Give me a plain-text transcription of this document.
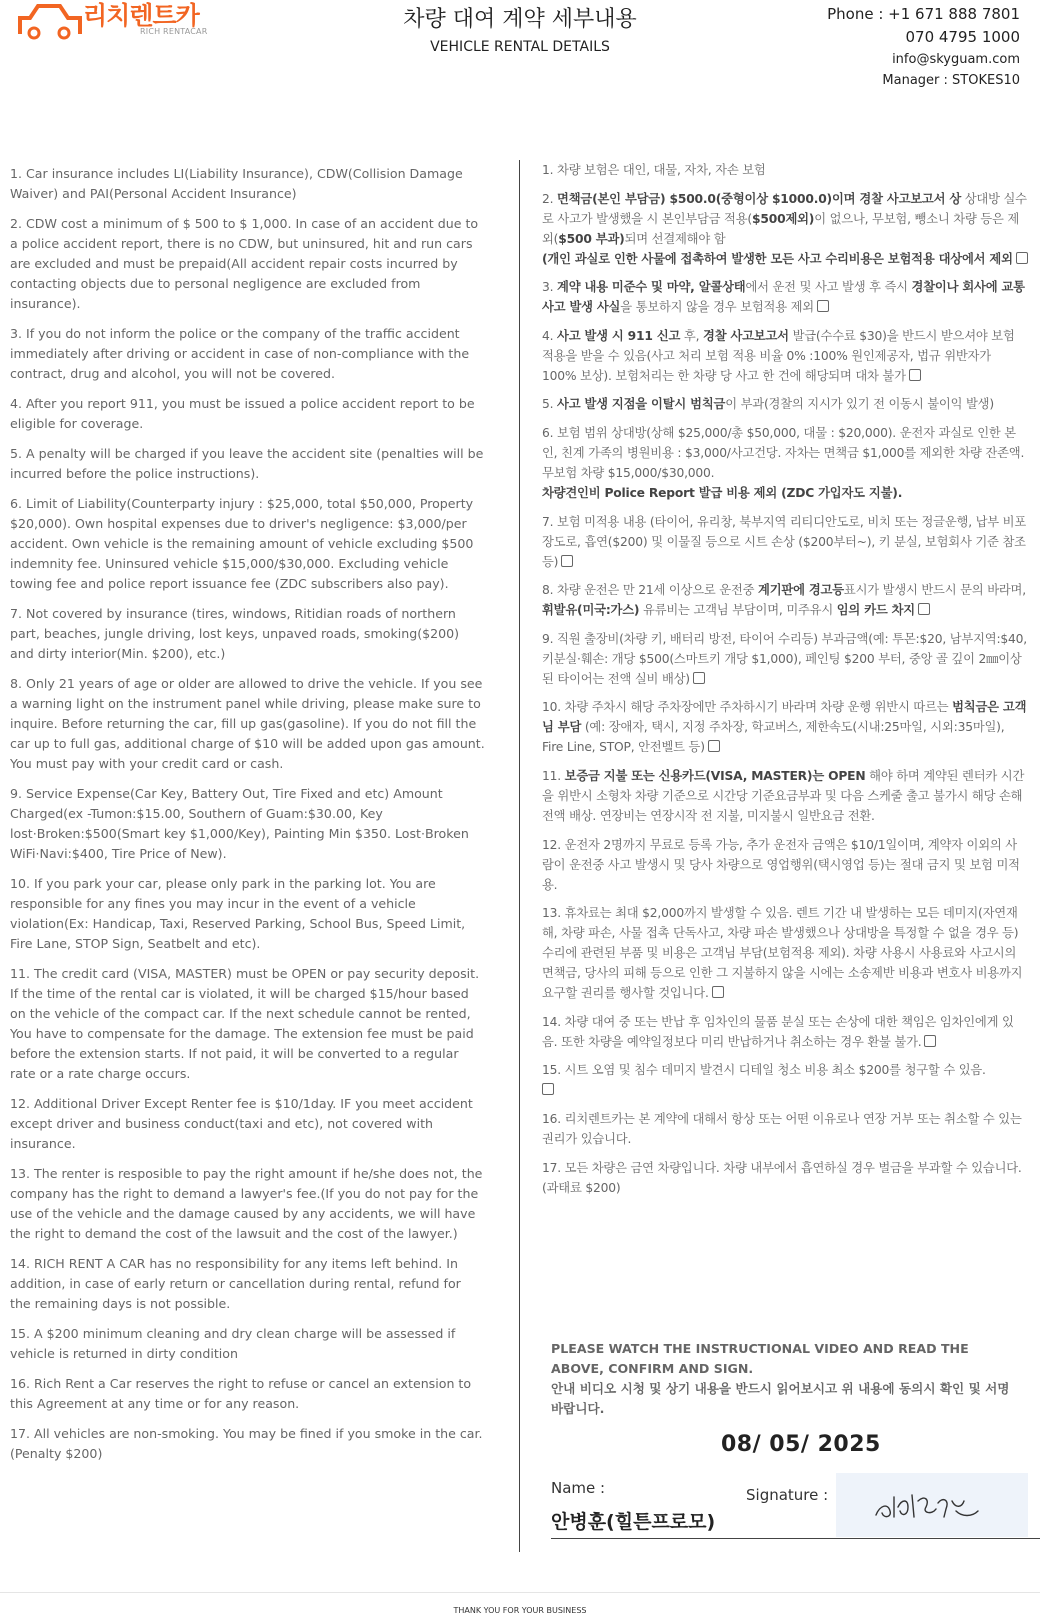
리치렌트카
RICH RENTACAR	차량 대여 계약 세부내용
VEHICLE RENTAL DETAILS
Phone : +1 671 888 7801
070 4795 1000
info@skyguam.com
Manager : STOKES10

1. Car insurance includes LI(Liability Insurance), CDW(Collision Damage Waiver) and PAI(Personal Accident Insurance)

2. CDW cost a minimum of $ 500 to $ 1,000. In case of an accident due to a police accident report, there is no CDW, but uninsured, hit and run cars are excluded and must be prepaid(All accident repair costs incurred by contacting objects due to personal negligence are excluded from insurance).

3. If you do not inform the police or the company of the traffic accident immediately after driving or accident in case of non-compliance with the contract, drug and alcohol, you will not be covered.

4. After you report 911, you must be issued a police accident report to be eligible for coverage.

5. A penalty will be charged if you leave the accident site (penalties will be incurred before the police instructions).

6. Limit of Liability(Counterparty injury : $25,000, total $50,000, Property $20,000). Own hospital expenses due to driver's negligence: $3,000/per accident. Own vehicle is the remaining amount of vehicle excluding $500 indemnity fee. Uninsured vehicle $15,000/$30,000. Excluding vehicle towing fee and police report issuance fee (ZDC subscribers also pay).

7. Not covered by insurance (tires, windows, Ritidian roads of northern part, beaches, jungle driving, lost keys, unpaved roads, smoking($200) and dirty interior(Min. $200), etc.)

8. Only 21 years of age or older are allowed to drive the vehicle. If you see a warning light on the instrument panel while driving, please make sure to inquire. Before returning the car, fill up gas(gasoline). If you do not fill the car up to full gas, additional charge of $10 will be added upon gas amount. You must pay with your credit card or cash.

9. Service Expense(Car Key, Battery Out, Tire Fixed and etc) Amount Charged(ex -Tumon:$15.00, Southern of Guam:$30.00, Key lost·Broken:$500(Smart key $1,000/Key), Painting Min $350. Lost·Broken WiFi·Navi:$400, Tire Price of New).

10. If you park your car, please only park in the parking lot. You are responsible for any fines you may incur in the event of a vehicle violation(Ex: Handicap, Taxi, Reserved Parking, School Bus, Speed Limit, Fire Lane, STOP Sign, Seatbelt and etc).

11. The credit card (VISA, MASTER) must be OPEN or pay security deposit. If the time of the rental car is violated, it will be charged $15/hour based on the vehicle of the compact car. If the next schedule cannot be rented, You have to compensate for the damage. The extension fee must be paid before the extension starts. If not paid, it will be converted to a regular rate or a rate charge occurs.

12. Additional Driver Except Renter fee is $10/1day. IF you meet accident except driver and business conduct(taxi and etc), not covered with insurance.

13. The renter is resposible to pay the right amount if he/she does not, the company has the right to demand a lawyer's fee.(If you do not pay for the use of the vehicle and the damage caused by any accidents, we will have the right to demand the cost of the lawsuit and the cost of the lawyer.)

14. RICH RENT A CAR has no responsibility for any items left behind. In addition, in case of early return or cancellation during rental, refund for the remaining days is not possible.

15. A $200 minimum cleaning and dry clean charge will be assessed if vehicle is returned in dirty condition

16. Rich Rent a Car reserves the right to refuse or cancel an extension to this Agreement at any time or for any reason.

17. All vehicles are non-smoking. You may be fined if you smoke in the car.(Penalty $200)

1. 차량 보험은 대인, 대물, 자차, 자손 보험

2. 면책금(본인 부담금) $500.0(중형이상 $1000.0)이며 경찰 사고보고서 상 상대방 실수로 사고가 발생했을 시 본인부담금 적용($500제외)이 없으나, 무보험, 뺑소니 차량 등은 제외($500 부과)되며 선결제해야 함
(개인 과실로 인한 사물에 접촉하여 발생한 모든 사고 수리비용은 보험적용 대상에서 제외

3. 계약 내용 미준수 및 마약, 알콜상태에서 운전 및 사고 발생 후 즉시 경찰이나 회사에 교통 사고 발생 사실을 통보하지 않을 경우 보험적용 제외

4. 사고 발생 시 911 신고 후, 경찰 사고보고서 발급(수수료 $30)을 반드시 받으셔야 보험 적용을 받을 수 있음(사고 처리 보험 적용 비율 0% :100% 원인제공자, 법규 위반자가 100% 보상). 보험처리는 한 차량 당 사고 한 건에 해당되며 대차 불가

5. 사고 발생 지점을 이탈시 범칙금이 부과(경찰의 지시가 있기 전 이동시 불이익 발생)

6. 보험 범위 상대방(상해 $25,000/총 $50,000, 대물 : $20,000). 운전자 과실로 인한 본인, 친계 가족의 병원비용 : $3,000/사고건당. 자차는 면책금 $1,000를 제외한 차량 잔존액. 무보험 차량 $15,000/$30,000.
차량견인비 Police Report 발급 비용 제외 (ZDC 가입자도 지불).

7. 보험 미적용 내용 (타이어, 유리창, 북부지역 리티디안도로, 비치 또는 정글운행, 납부 비포장도로, 흡연($200) 및 이물질 등으로 시트 손상 ($200부터~), 키 분실, 보험회사 기준 참조 등)

8. 차량 운전은 만 21세 이상으로 운전중 계기판에 경고등표시가 발생시 반드시 문의 바라며, 휘발유(미국:가스) 유류비는 고객님 부담이며, 미주유시 임의 카드 차지

9. 직원 출장비(차량 키, 배터리 방전, 타이어 수리등) 부과금액(예: 투몬:$20, 남부지역:$40, 키분실·훼손: 개당 $500(스마트키 개당 $1,000), 페인팅 $200 부터, 중앙 골 깊이 2㎜이상 된 타이어는 전액 실비 배상)

10. 차량 주차시 해당 주차장에만 주차하시기 바라며 차량 운행 위반시 따르는 범칙금은 고객님 부담 (예: 장애자, 택시, 지정 주차장, 학교버스, 제한속도(시내:25마일, 시외:35마일), Fire Line, STOP, 안전벨트 등)

11. 보증금 지불 또는 신용카드(VISA, MASTER)는 OPEN 해야 하며 계약된 렌터카 시간을 위반시 소형차 차량 기준으로 시간당 기준요금부과 및 다음 스케줄 출고 불가시 해당 손해 전액 배상. 연장비는 연장시작 전 지불, 미지불시 일반요금 전환.

12. 운전자 2명까지 무료로 등록 가능, 추가 운전자 금액은 $10/1일이며, 계약자 이외의 사람이 운전중 사고 발생시 및 당사 차량으로 영업행위(택시영업 등)는 절대 금지 및 보험 미적용.

13. 휴차료는 최대 $2,000까지 발생할 수 있음. 렌트 기간 내 발생하는 모든 데미지(자연재해, 차량 파손, 사물 접촉 단독사고, 차량 파손 발생했으나 상대방을 특정할 수 없을 경우 등) 수리에 관련된 부품 및 비용은 고객님 부담(보험적용 제외). 차량 사용시 사용료와 사고시의 면책금, 당사의 피해 등으로 인한 그 지불하지 않을 시에는 소송제반 비용과 변호사 비용까지 요구할 권리를 행사할 것입니다.

14. 차량 대여 중 또는 반납 후 임차인의 물품 분실 또는 손상에 대한 책임은 임차인에게 있음. 또한 차량을 예약일정보다 미리 반납하거나 취소하는 경우 환불 불가.

15. 시트 오염 및 침수 데미지 발견시 디테일 청소 비용 최소 $200를 청구할 수 있음.

16. 리치렌트카는 본 계약에 대해서 항상 또는 어떤 이유로나 연장 거부 또는 취소할 수 있는 권리가 있습니다.

17. 모든 차량은 금연 차량입니다. 차량 내부에서 흡연하실 경우 벌금을 부과할 수 있습니다. (과태료 $200)

PLEASE WATCH THE INSTRUCTIONAL VIDEO AND READ THE ABOVE, CONFIRM AND SIGN.
안내 비디오 시청 및 상기 내용을 반드시 읽어보시고 위 내용에 동의시 확인 및 서명 바랍니다.
08/ 05/ 2025
Name :
안병훈(힐튼프로모)
Signature :
THANK YOU FOR YOUR BUSINESS
